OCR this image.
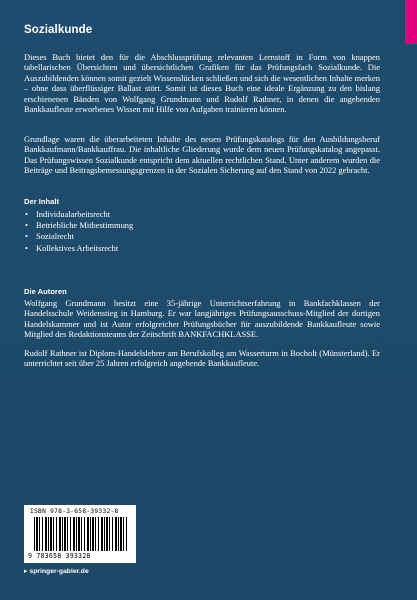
Sozialkunde
Dieses Buch bietet den für die Abschlussprüfung relevanten Lernstoff in Form von knappen tabellarischen Übersichten und übersichtlichen Grafiken für das Prüfungsfach Sozialkunde. Die Auszubildenden können somit gezielt Wissenslücken schließen und sich die wesentlichen Inhalte merken – ohne dass überflüssiger Ballast stört. Somit ist dieses Buch eine ideale Ergänzung zu den bislang erschienenen Bänden von Wolfgang Grundmann und Rudolf Rathner, in denen die angehenden Bankkaufleute erworbenes Wissen mit Hilfe von Aufgaben trainieren können.
Grundlage waren die überarbeiteten Inhalte des neuen Prüfungskatalogs für den Ausbildungsberuf Bankkaufmann/Bankkauffrau. Die inhaltliche Gliederung wurde dem neuen Prüfungskatalog angepasst. Das Prüfungswissen Sozialkunde entspricht dem aktuellen rechtlichen Stand. Unter anderem wurden die Beiträge und Beitragsbemessungsgrenzen in der Sozialen Sicherung auf den Stand von 2022 gebracht.
Der Inhalt
• Individualarbeitsrecht
• Betriebliche Mitbestimmung
• Sozialrecht
• Kollektives Arbeitsrecht
Die Autoren
Wolfgang Grundmann besitzt eine 35-jährige Unterrichtserfahrung in Bankfachklassen der Handelsschule Weidenstieg in Hamburg. Er war langjähriges Prüfungsausschuss-Mitglied der dortigen Handelskammer und ist Autor erfolgreicher Prüfungsbücher für auszubildende Bankkaufleute sowie Mitglied des Redaktionsteams der Zeitschrift BANKFACHKLASSE.
Rudolf Rathner ist Diplom-Handelslehrer am Berufskolleg am Wasserturm in Bocholt (Münsterland). Er unterrichtet seit über 25 Jahren erfolgreich angehende Bankkaufleute.
ISBN 978-3-658-39332-8
9 783658 393328
▸ springer-gabler.de
